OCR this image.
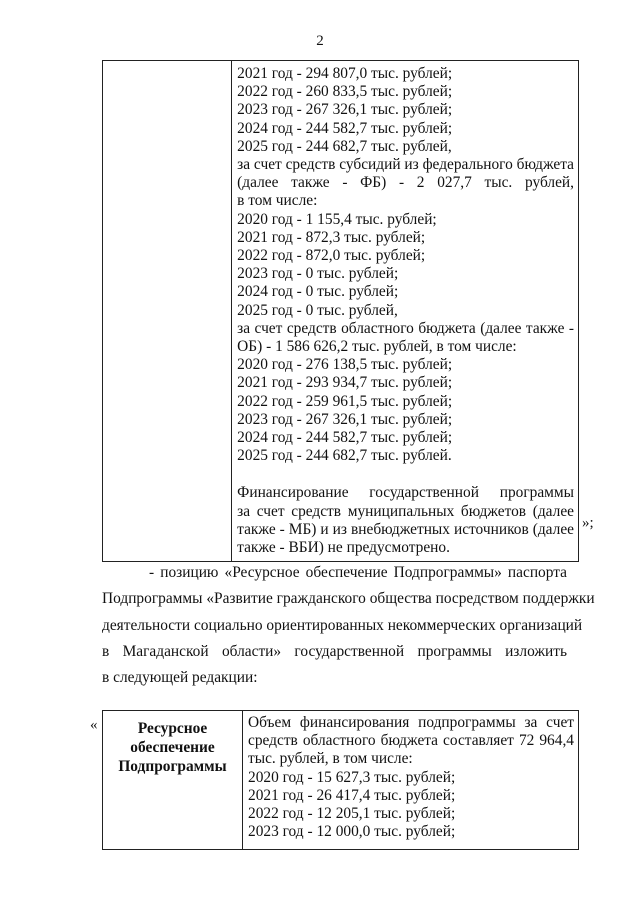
2

2021 год - 294 807,0 тыс. рублей;
2022 год - 260 833,5 тыс. рублей;
2023 год - 267 326,1 тыс. рублей;
2024 год - 244 582,7 тыс. рублей;
2025 год - 244 682,7 тыс. рублей,
за счет средств субсидий из федерального бюджета
(далее также - ФБ) - 2 027,7 тыс. рублей,
в том числе:
2020 год - 1 155,4 тыс. рублей;
2021 год - 872,3 тыс. рублей;
2022 год - 872,0 тыс. рублей;
2023 год - 0 тыс. рублей;
2024 год - 0 тыс. рублей;
2025 год - 0 тыс. рублей,
за счет средств областного бюджета (далее также -
ОБ) - 1 586 626,2 тыс. рублей, в том числе:
2020 год - 276 138,5 тыс. рублей;
2021 год - 293 934,7 тыс. рублей;
2022 год - 259 961,5 тыс. рублей;
2023 год - 267 326,1 тыс. рублей;
2024 год - 244 582,7 тыс. рублей;
2025 год - 244 682,7 тыс. рублей.
Финансирование государственной программы
за счет средств муниципальных бюджетов (далее
также - МБ) и из внебюджетных источников (далее
также - ВБИ) не предусмотрено.
»;
- позицию «Ресурсное обеспечение Подпрограммы» паспорта
Подпрограммы «Развитие гражданского общества посредством поддержки
деятельности социально ориентированных некоммерческих организаций
в Магаданской области» государственной программы изложить
в следующей редакции:
«	Ресурсное
обеспечение
Подпрограммы

Объем финансирования подпрограммы за счет
средств областного бюджета составляет 72 964,4
тыс. рублей, в том числе:
2020 год - 15 627,3 тыс. рублей;
2021 год - 26 417,4 тыс. рублей;
2022 год - 12 205,1 тыс. рублей;
2023 год - 12 000,0 тыс. рублей;
